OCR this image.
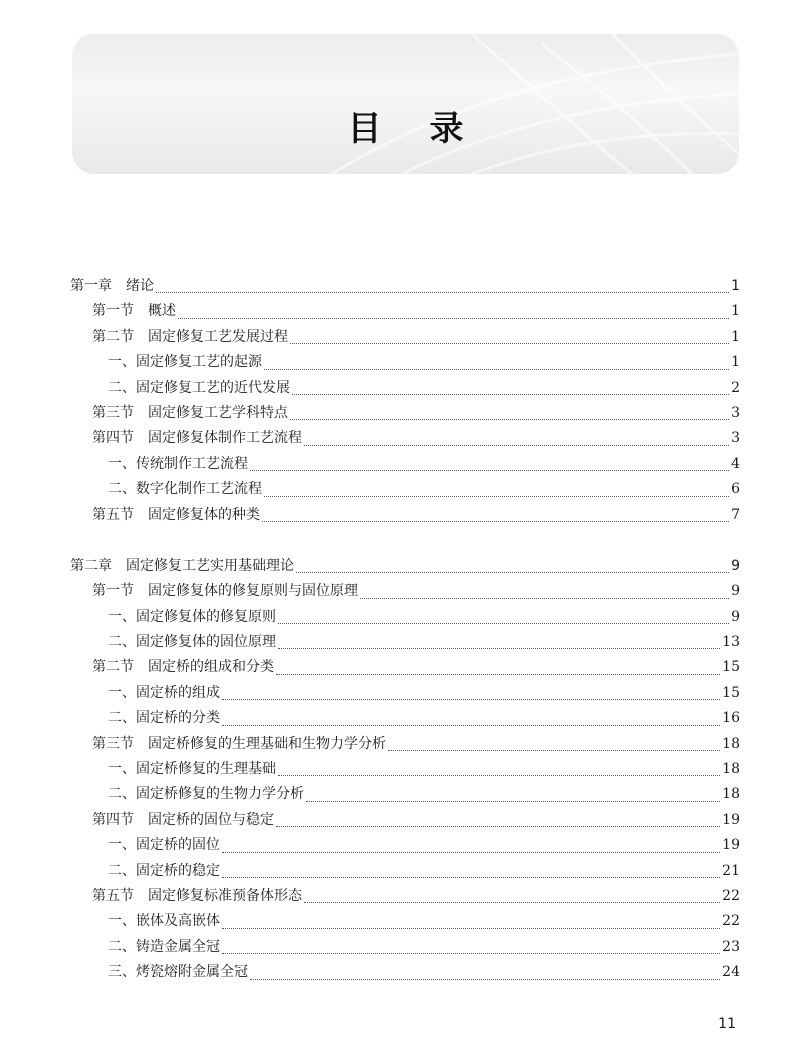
目录
第一章　绪论	1
第一节　概述	1
第二节　固定修复工艺发展过程	1
一、固定修复工艺的起源	1
二、固定修复工艺的近代发展	2
第三节　固定修复工艺学科特点	3
第四节　固定修复体制作工艺流程	3
一、传统制作工艺流程	4
二、数字化制作工艺流程	6
第五节　固定修复体的种类	7
第二章　固定修复工艺实用基础理论	9
第一节　固定修复体的修复原则与固位原理	9
一、固定修复体的修复原则	9
二、固定修复体的固位原理	13
第二节　固定桥的组成和分类	15
一、固定桥的组成	15
二、固定桥的分类	16
第三节　固定桥修复的生理基础和生物力学分析	18
一、固定桥修复的生理基础	18
二、固定桥修复的生物力学分析	18
第四节　固定桥的固位与稳定	19
一、固定桥的固位	19
二、固定桥的稳定	21
第五节　固定修复标准预备体形态	22
一、嵌体及高嵌体	22
二、铸造金属全冠	23
三、烤瓷熔附金属全冠	24
11
